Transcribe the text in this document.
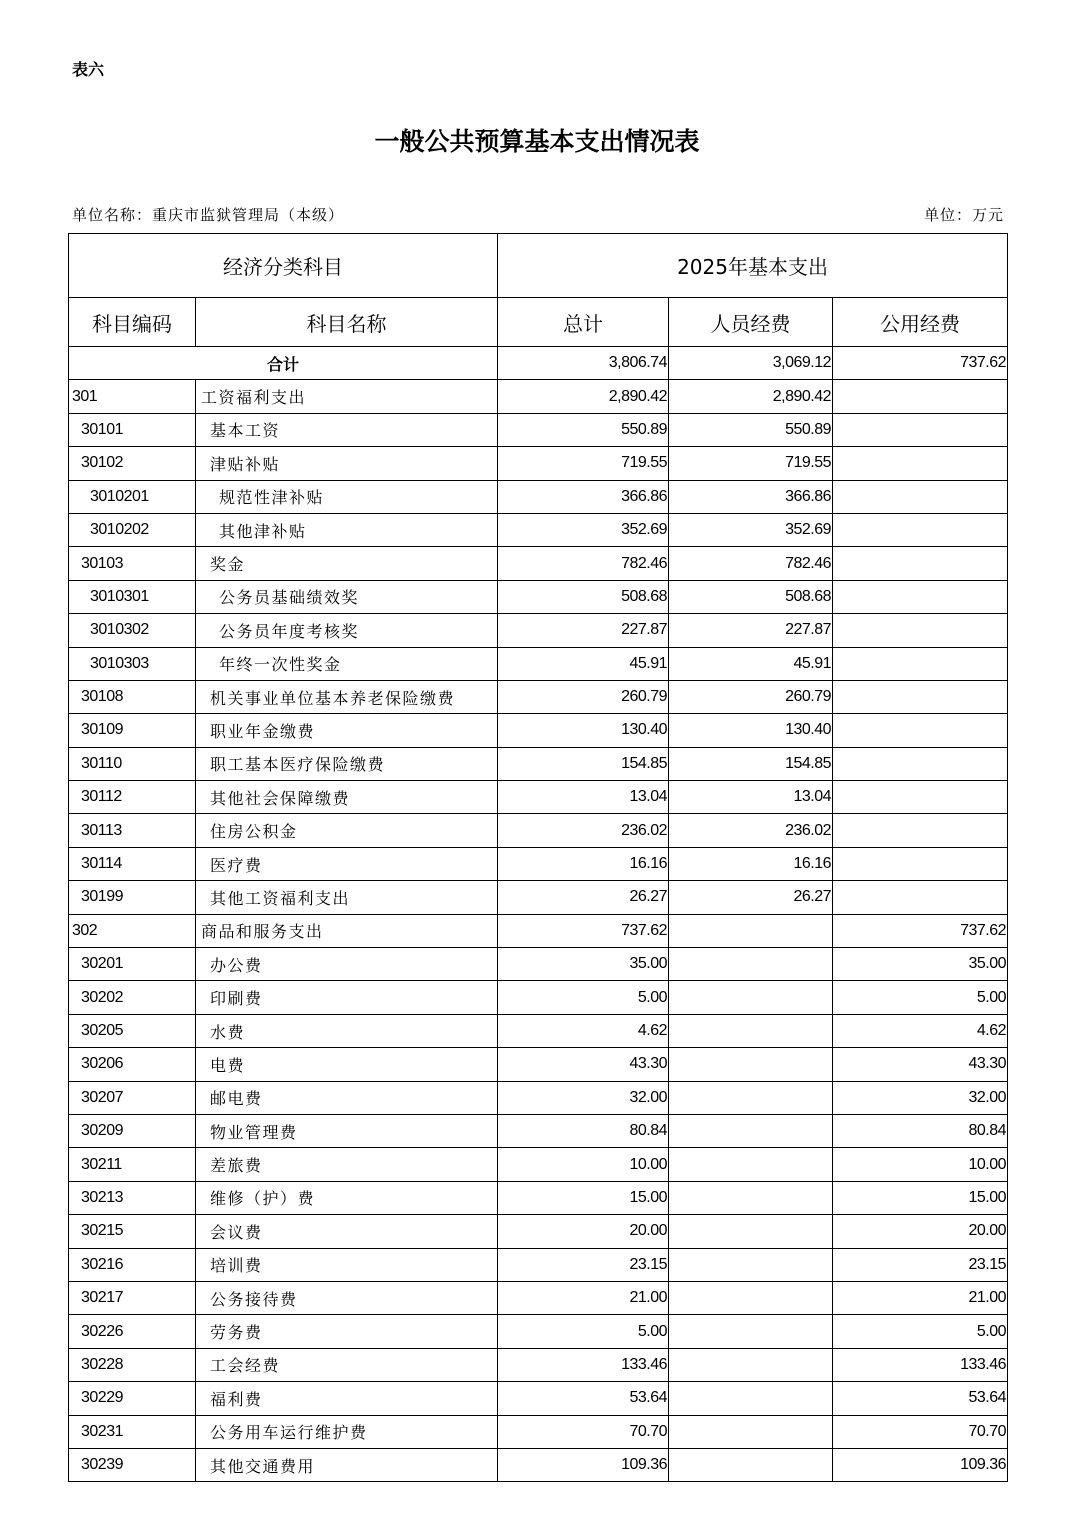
表六
一般公共预算基本支出情况表
单位名称：重庆市监狱管理局（本级）	单位：万元
经济分类科目		2025年基本支出		
科目编码	科目名称	总计	人员经费	公用经费
合计		3,806.74	3,069.12	737.62
301	工资福利支出	2,890.42	2,890.42	
30101	基本工资	550.89	550.89	
30102	津贴补贴	719.55	719.55	
3010201	规范性津补贴	366.86	366.86	
3010202	其他津补贴	352.69	352.69	
30103	奖金	782.46	782.46	
3010301	公务员基础绩效奖	508.68	508.68	
3010302	公务员年度考核奖	227.87	227.87	
3010303	年终一次性奖金	45.91	45.91	
30108	机关事业单位基本养老保险缴费	260.79	260.79	
30109	职业年金缴费	130.40	130.40	
30110	职工基本医疗保险缴费	154.85	154.85	
30112	其他社会保障缴费	13.04	13.04	
30113	住房公积金	236.02	236.02	
30114	医疗费	16.16	16.16	
30199	其他工资福利支出	26.27	26.27	
302	商品和服务支出	737.62		737.62
30201	办公费	35.00		35.00
30202	印刷费	5.00		5.00
30205	水费	4.62		4.62
30206	电费	43.30		43.30
30207	邮电费	32.00		32.00
30209	物业管理费	80.84		80.84
30211	差旅费	10.00		10.00
30213	维修（护）费	15.00		15.00
30215	会议费	20.00		20.00
30216	培训费	23.15		23.15
30217	公务接待费	21.00		21.00
30226	劳务费	5.00		5.00
30228	工会经费	133.46		133.46
30229	福利费	53.64		53.64
30231	公务用车运行维护费	70.70		70.70
30239	其他交通费用	109.36		109.36
